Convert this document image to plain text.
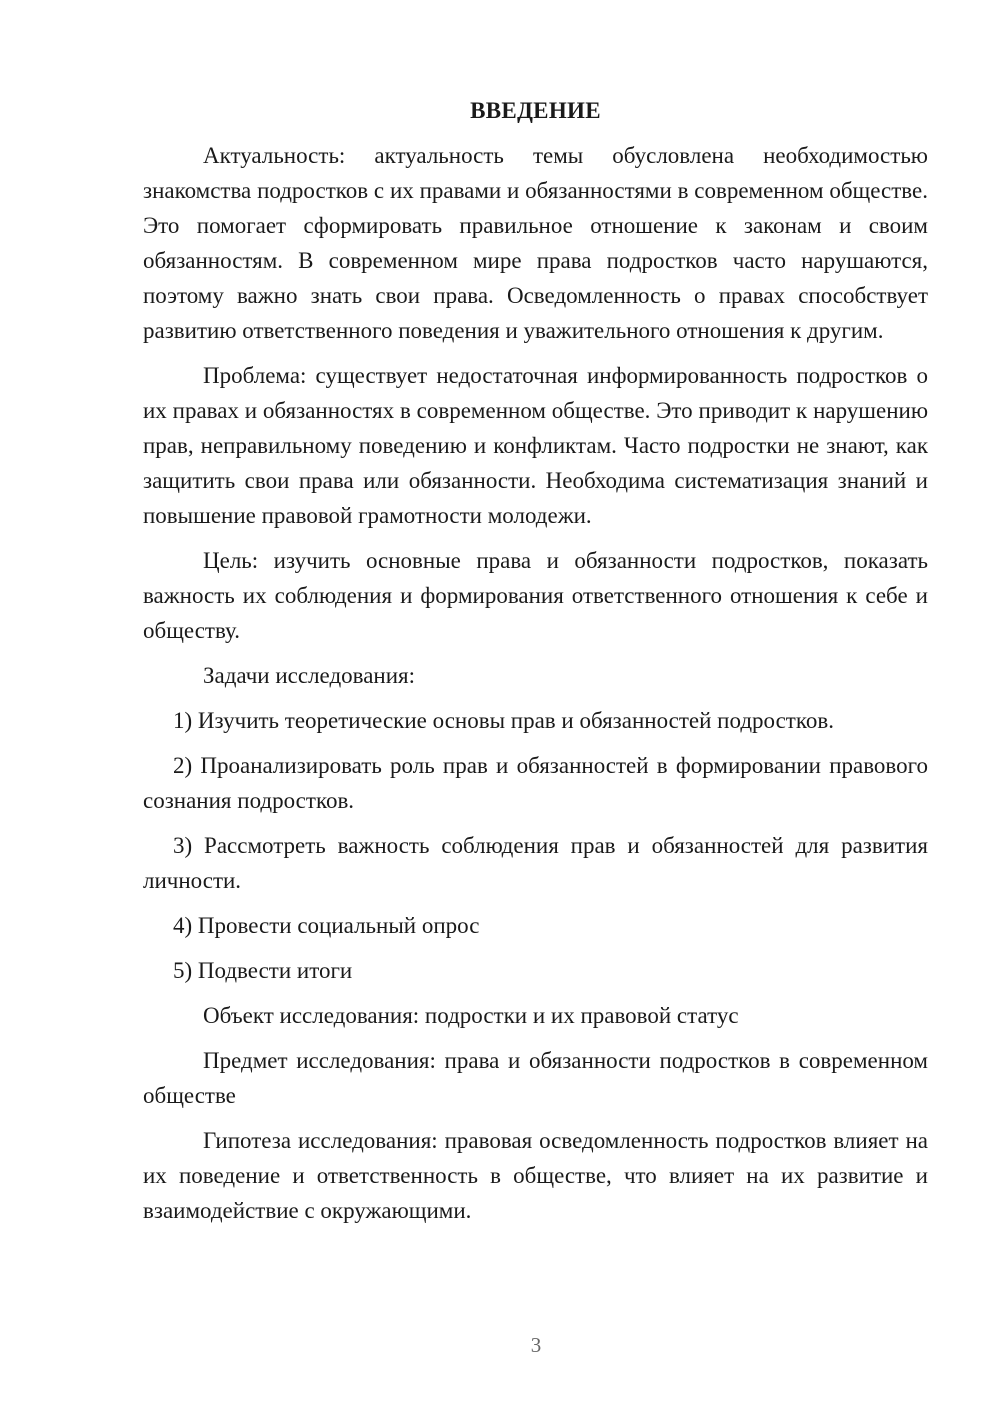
ВВЕДЕНИЕ

Актуальность: актуальность темы обусловлена необходимостью знакомства подростков с их правами и обязанностями в современном обществе. Это помогает сформировать правильное отношение к законам и своим обязанностям. В современном мире права подростков часто нарушаются, поэтому важно знать свои права. Осведомленность о правах способствует развитию ответственного поведения и уважительного отношения к другим.

Проблема: существует недостаточная информированность подростков о их правах и обязанностях в современном обществе. Это приводит к нарушению прав, неправильному поведению и конфликтам. Часто подростки не знают, как защитить свои права или обязанности. Необходима систематизация знаний и повышение правовой грамотности молодежи.

Цель: изучить основные права и обязанности подростков, показать важность их соблюдения и формирования ответственного отношения к себе и обществу.

Задачи исследования:

1) Изучить теоретические основы прав и обязанностей подростков.

2) Проанализировать роль прав и обязанностей в формировании правового сознания подростков.

3) Рассмотреть важность соблюдения прав и обязанностей для развития личности.

4) Провести социальный опрос

5) Подвести итоги

Объект исследования: подростки и их правовой статус

Предмет исследования: права и обязанности подростков в современном обществе

Гипотеза исследования: правовая осведомленность подростков влияет на их поведение и ответственность в обществе, что влияет на их развитие и взаимодействие с окружающими.

3
